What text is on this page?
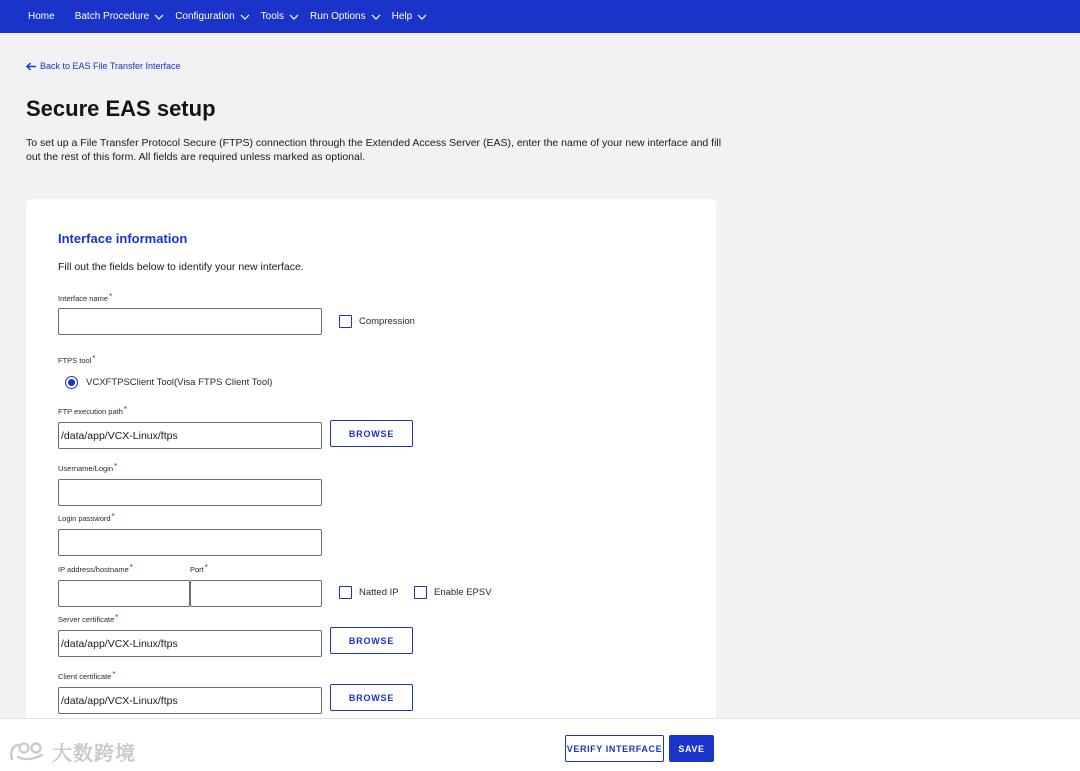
Home Batch Procedure	Configuration	Tools	Run Options	Help
Back to EAS File Transfer Interface
Secure EAS setup

To set up a File Transfer Protocol Secure (FTPS) connection through the Extended Access Server (EAS), enter the name of your new interface and fill out the rest of this form. All fields are required unless marked as optional.

Interface information
Fill out the fields below to identify your new interface.
Interface name*
Compression
FTPS tool*
VCXFTPSClient Tool(Visa FTPS Client Tool)
FTP execution path*
/data/app/VCX-Linux/ftps	BROWSE
Username/Login*
Login password*
IP address/hostname*	Port*
Natted IP	Enable EPSV
Server certificate*
/data/app/VCX-Linux/ftps	BROWSE
Client certificate*
/data/app/VCX-Linux/ftps	BROWSE
大数跨境	VERIFY INTERFACE	SAVE
